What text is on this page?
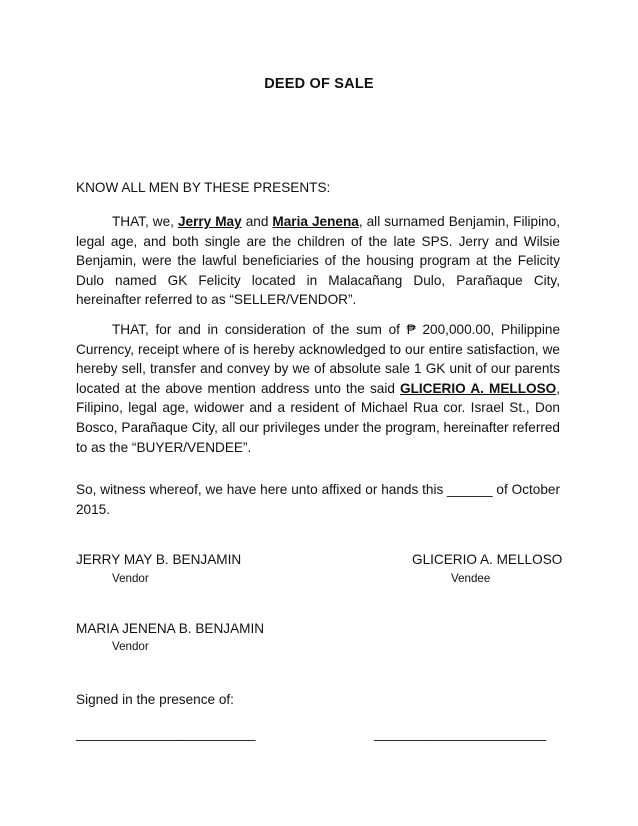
DEED OF SALE
KNOW ALL MEN BY THESE PRESENTS:
THAT, we, Jerry May and Maria Jenena, all surnamed Benjamin, Filipino, legal age, and both single are the children of the late SPS. Jerry and Wilsie Benjamin, were the lawful beneficiaries of the housing program at the Felicity Dulo named GK Felicity located in Malacañang Dulo, Parañaque City, hereinafter referred to as “SELLER/VENDOR”.
THAT, for and in consideration of the sum of ₱ 200,000.00, Philippine Currency, receipt where of is hereby acknowledged to our entire satisfaction, we hereby sell, transfer and convey by we of absolute sale 1 GK unit of our parents located at the above mention address unto the said GLICERIO A. MELLOSO, Filipino, legal age, widower and a resident of Michael Rua cor. Israel St., Don Bosco, Parañaque City, all our privileges under the program, hereinafter referred to as the “BUYER/VENDEE”.
So, witness whereof, we have here unto affixed or hands this ______ of October 2015.
JERRY MAY B. BENJAMIN
Vendor
GLICERIO A. MELLOSO
Vendee
MARIA JENENA B. BENJAMIN
Vendor
Signed in the presence of:
_________________________	________________________
